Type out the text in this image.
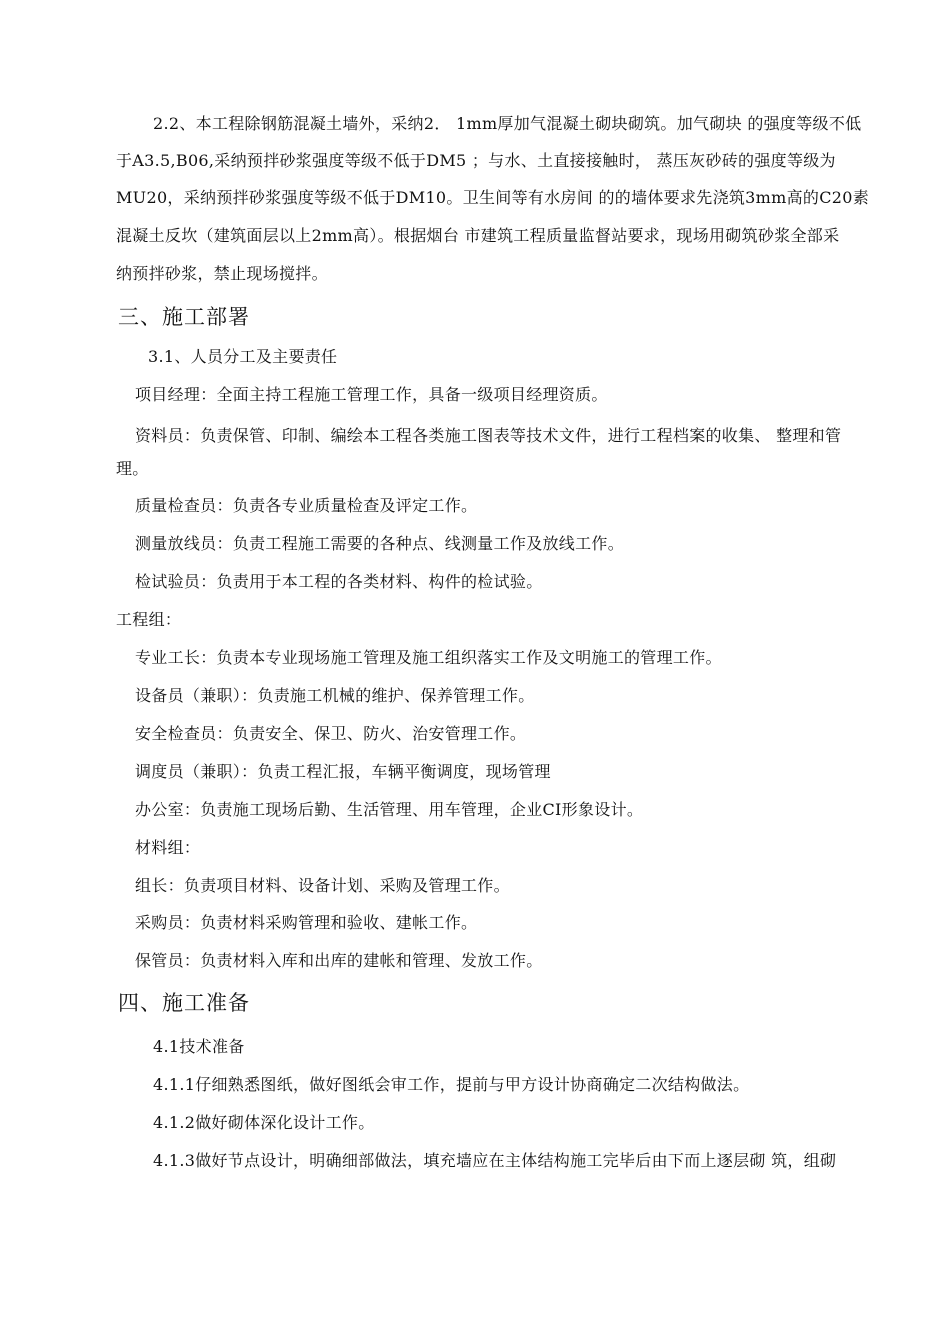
2.2、本工程除钢筋混凝土墙外，采纳2． 1mm厚加气混凝土砌块砌筑。加气砌块 的强度等级不低
于A3.5,B06,采纳预拌砂浆强度等级不低于DM5 ；与水、土直接接触时， 蒸压灰砂砖的强度等级为
MU20，采纳预拌砂浆强度等级不低于DM10。卫生间等有水房间 的的墙体要求先浇筑3mm高的C20素
混凝土反坎（建筑面层以上2mm高）。根据烟台 市建筑工程质量监督站要求，现场用砌筑砂浆全部采
纳预拌砂浆，禁止现场搅拌。
三、施工部署
3.1、人员分工及主要责任
项目经理：全面主持工程施工管理工作，具备一级项目经理资质。
资料员：负责保管、印制、编绘本工程各类施工图表等技术文件，进行工程档案的收集、 整理和管
理。
质量检查员：负责各专业质量检查及评定工作。
测量放线员：负责工程施工需要的各种点、线测量工作及放线工作。
检试验员：负责用于本工程的各类材料、构件的检试验。
工程组：
专业工长：负责本专业现场施工管理及施工组织落实工作及文明施工的管理工作。
设备员（兼职）：负责施工机械的维护、保养管理工作。
安全检查员：负责安全、保卫、防火、治安管理工作。
调度员（兼职）：负责工程汇报，车辆平衡调度，现场管理
办公室：负责施工现场后勤、生活管理、用车管理，企业CI形象设计。
材料组：
组长：负责项目材料、设备计划、采购及管理工作。
采购员：负责材料采购管理和验收、建帐工作。
保管员：负责材料入库和出库的建帐和管理、发放工作。
四、施工准备
4.1技术准备
4.1.1仔细熟悉图纸，做好图纸会审工作，提前与甲方设计协商确定二次结构做法。
4.1.2做好砌体深化设计工作。
4.1.3做好节点设计，明确细部做法，填充墙应在主体结构施工完毕后由下而上逐层砌 筑，组砌
